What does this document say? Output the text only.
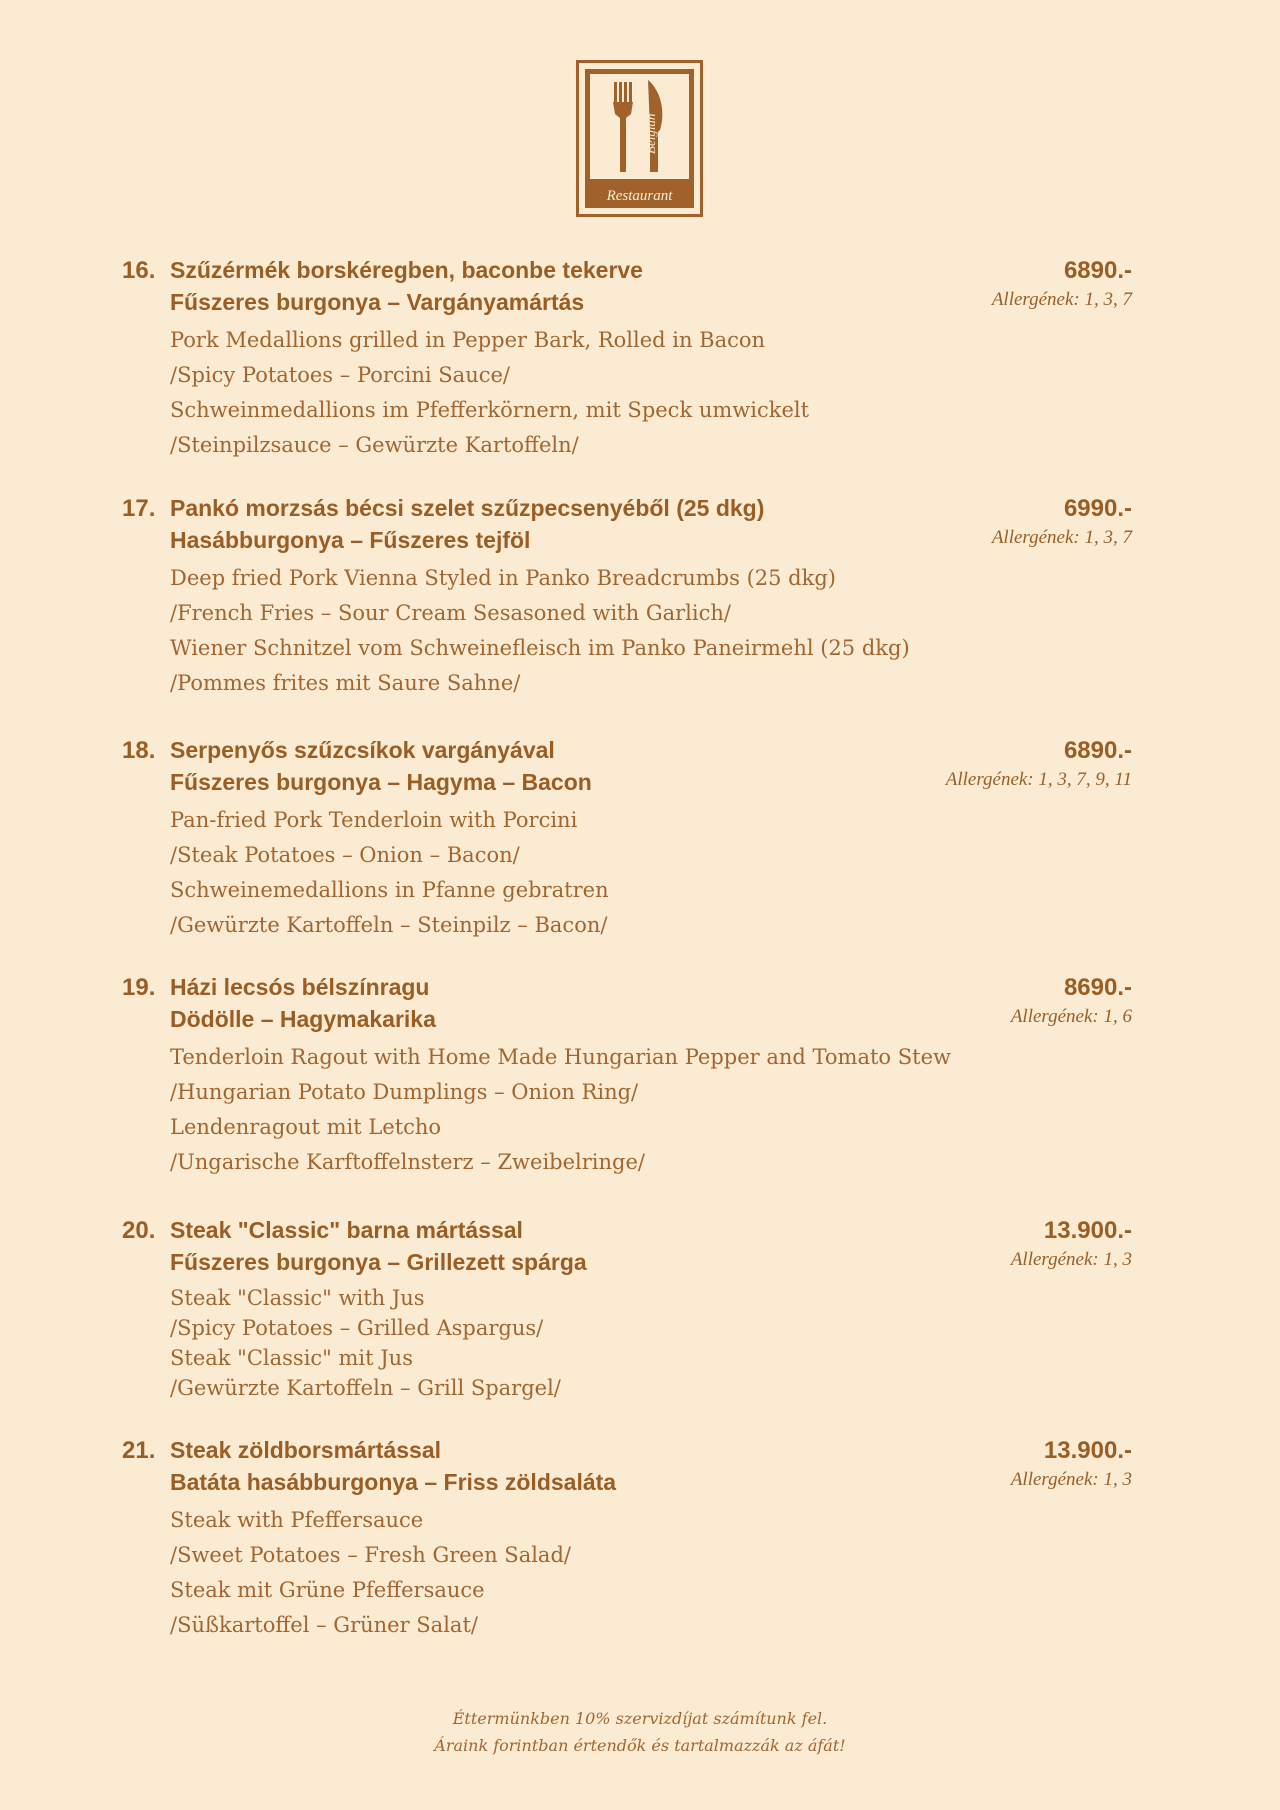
Belgian
Restaurant
16. Szűzérmék borskéregben, baconbe tekerve	6890.-
Fűszeres burgonya – Vargányamártás	Allergének: 1, 3, 7
Pork Medallions grilled in Pepper Bark, Rolled in Bacon
/Spicy Potatoes – Porcini Sauce/
Schweinmedallions im Pfefferkörnern, mit Speck umwickelt
/Steinpilzsauce – Gewürzte Kartoffeln/
17. Pankó morzsás bécsi szelet szűzpecsenyéből (25 dkg)	6990.-
Hasábburgonya – Fűszeres tejföl	Allergének: 1, 3, 7
Deep fried Pork Vienna Styled in Panko Breadcrumbs (25 dkg)
/French Fries – Sour Cream Sesasoned with Garlich/
Wiener Schnitzel vom Schweinefleisch im Panko Paneirmehl (25 dkg)
/Pommes frites mit Saure Sahne/
18. Serpenyős szűzcsíkok vargányával	6890.-
Fűszeres burgonya – Hagyma – Bacon	Allergének: 1, 3, 7, 9, 11
Pan-fried Pork Tenderloin with Porcini
/Steak Potatoes – Onion – Bacon/
Schweinemedallions in Pfanne gebratren
/Gewürzte Kartoffeln – Steinpilz – Bacon/
19. Házi lecsós bélszínragu	8690.-
Dödölle – Hagymakarika	Allergének: 1, 6
Tenderloin Ragout with Home Made Hungarian Pepper and Tomato Stew
/Hungarian Potato Dumplings – Onion Ring/
Lendenragout mit Letcho
/Ungarische Karftoffelnsterz – Zweibelringe/
20. Steak "Classic" barna mártással	13.900.-
Fűszeres burgonya – Grillezett spárga	Allergének: 1, 3
Steak "Classic" with Jus
/Spicy Potatoes – Grilled Aspargus/
Steak "Classic" mit Jus
/Gewürzte Kartoffeln – Grill Spargel/
21. Steak zöldborsmártással	13.900.-
Batáta hasábburgonya – Friss zöldsaláta	Allergének: 1, 3
Steak with Pfeffersauce
/Sweet Potatoes – Fresh Green Salad/
Steak mit Grüne Pfeffersauce
/Süßkartoffel – Grüner Salat/
Éttermünkben 10% szervizdíjat számítunk fel.
Áraink forintban értendők és tartalmazzák az áfát!
